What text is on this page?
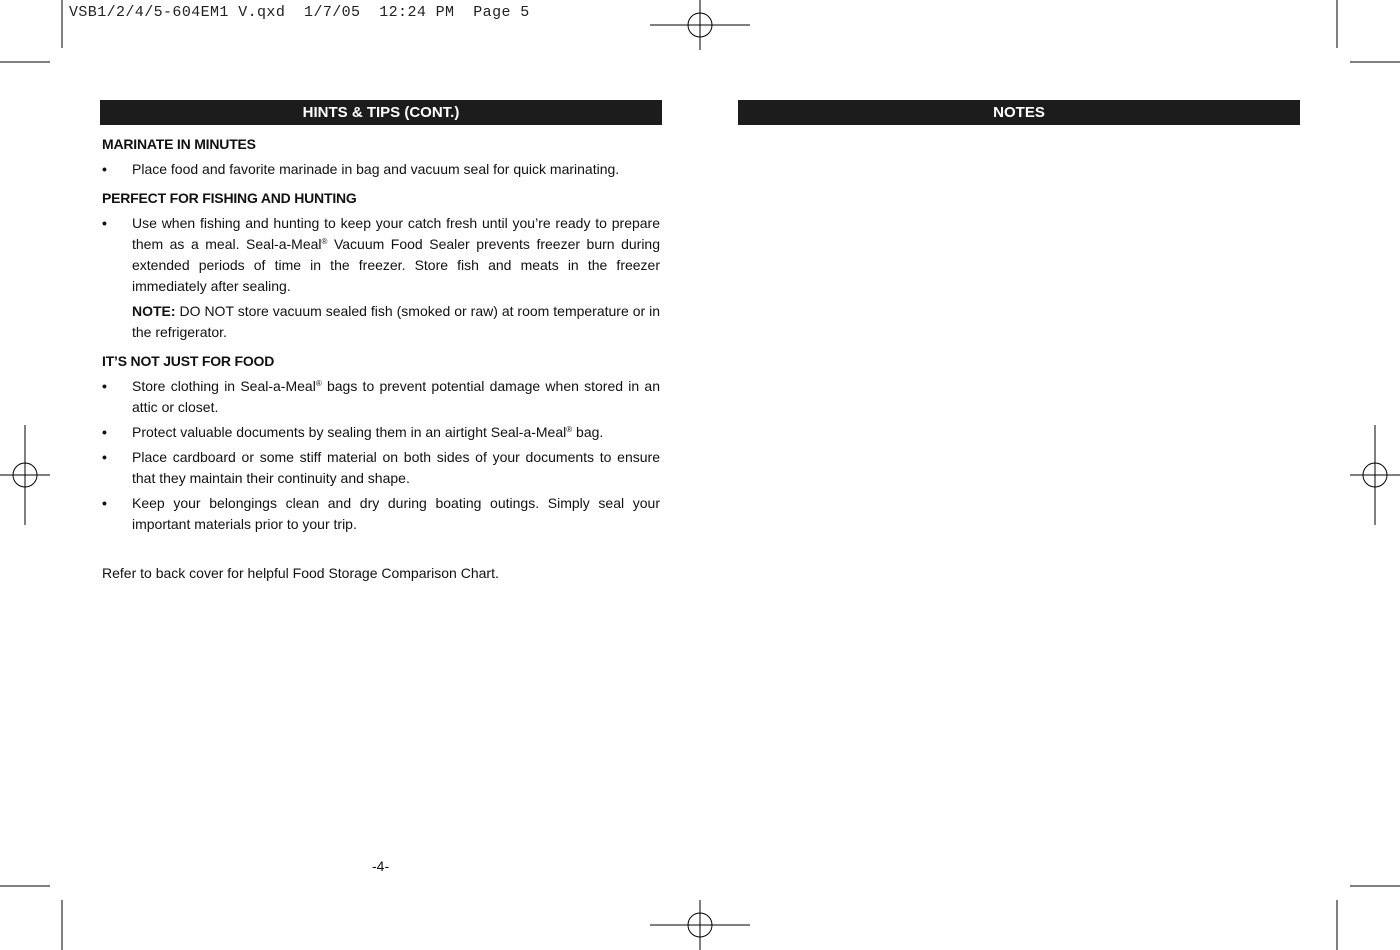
VSB1/2/4/5-604EM1 V.qxd  1/7/05  12:24 PM  Page 5
HINTS & TIPS (CONT.)
MARINATE IN MINUTES
• Place food and favorite marinade in bag and vacuum seal for quick marinating.
PERFECT FOR FISHING AND HUNTING
• Use when fishing and hunting to keep your catch fresh until you’re ready to prepare them as a meal. Seal-a-Meal® Vacuum Food Sealer prevents freezer burn during extended periods of time in the freezer. Store fish and meats in the freezer immediately after sealing.
NOTE: DO NOT store vacuum sealed fish (smoked or raw) at room temperature or in the refrigerator.
IT’S NOT JUST FOR FOOD
• Store clothing in Seal-a-Meal® bags to prevent potential damage when stored in an attic or closet.
• Protect valuable documents by sealing them in an airtight Seal-a-Meal® bag.
• Place cardboard or some stiff material on both sides of your documents to ensure that they maintain their continuity and shape.
• Keep your belongings clean and dry during boating outings. Simply seal your important materials prior to your trip.
Refer to back cover for helpful Food Storage Comparison Chart.
-4-
NOTES
